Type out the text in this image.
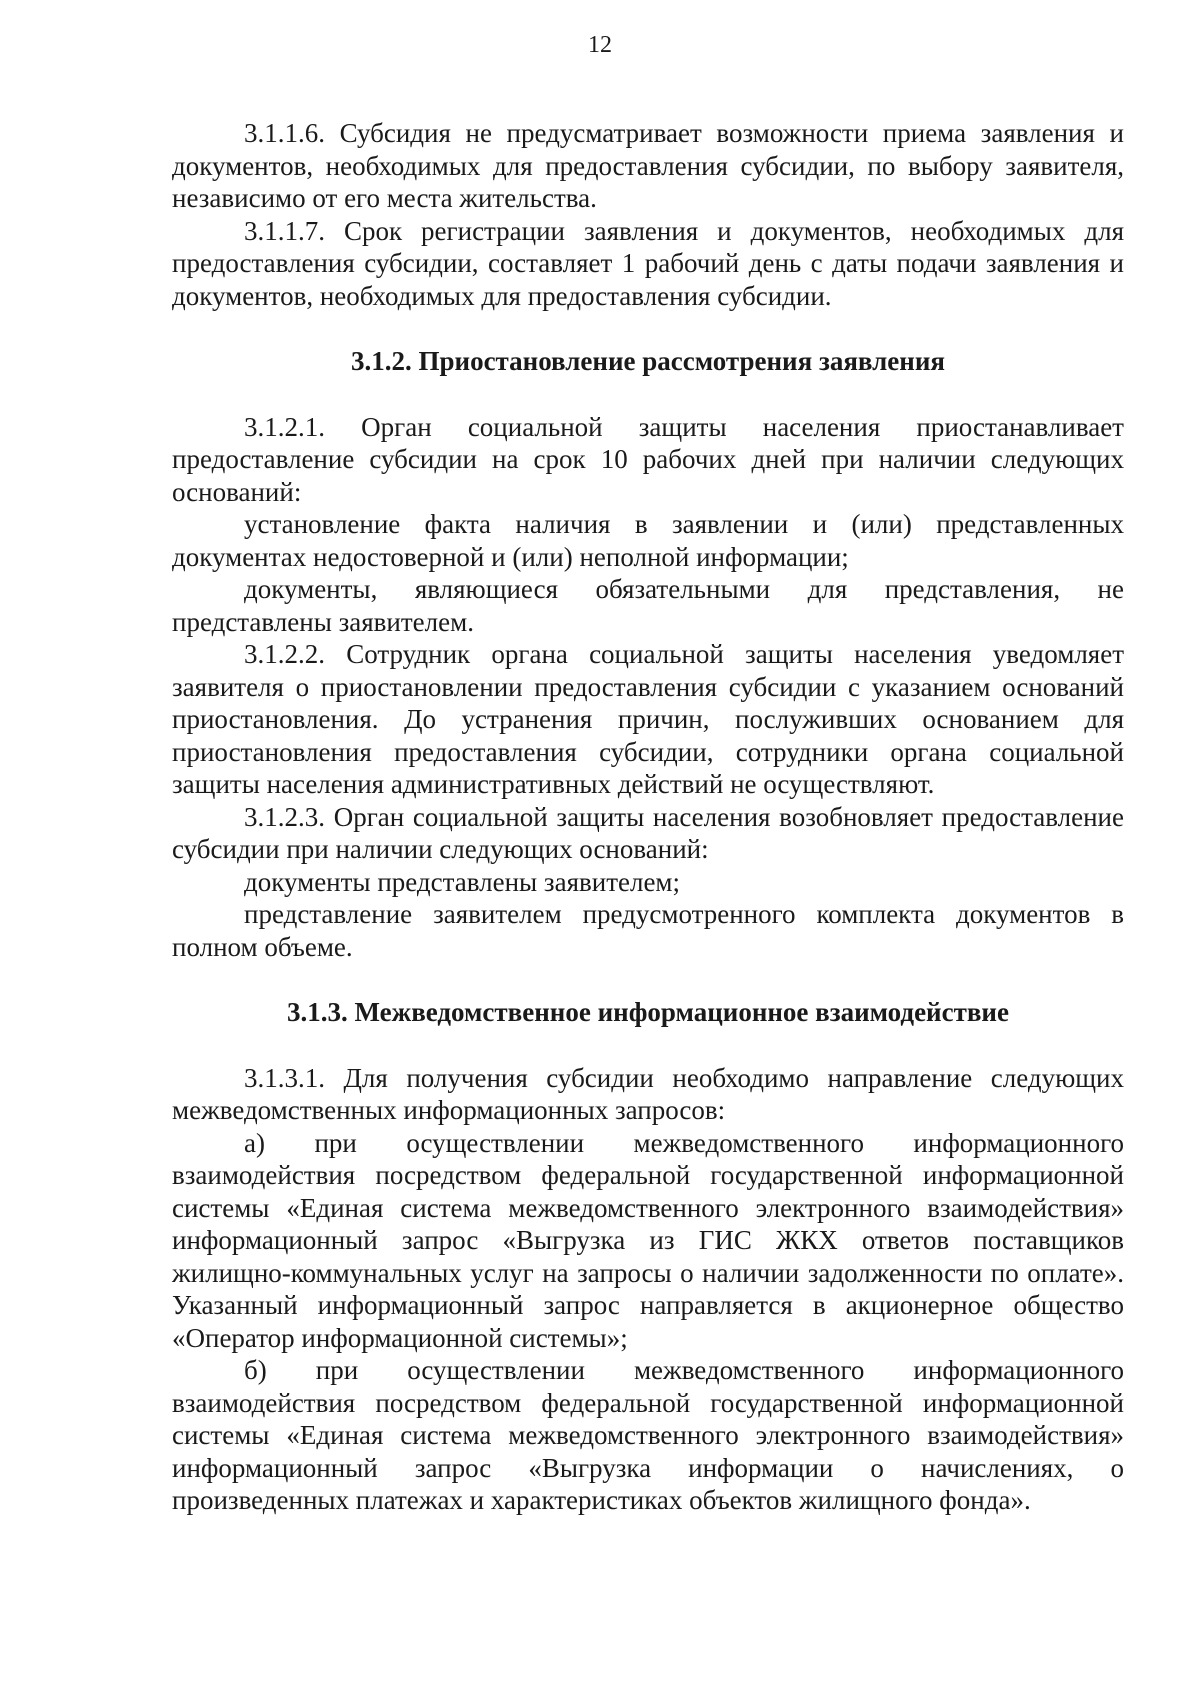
12

3.1.1.6. Субсидия не предусматривает возможности приема заявления и документов, необходимых для предоставления субсидии, по выбору заявителя, независимо от его места жительства.

3.1.1.7. Срок регистрации заявления и документов, необходимых для предоставления субсидии, составляет 1 рабочий день с даты подачи заявления и документов, необходимых для предоставления субсидии.

3.1.2. Приостановление рассмотрения заявления

3.1.2.1. Орган социальной защиты населения приостанавливает предоставление субсидии на срок 10 рабочих дней при наличии следующих оснований:

установление факта наличия в заявлении и (или) представленных документах недостоверной и (или) неполной информации;

документы, являющиеся обязательными для представления, не представлены заявителем.

3.1.2.2. Сотрудник органа социальной защиты населения уведомляет заявителя о приостановлении предоставления субсидии с указанием оснований приостановления. До устранения причин, послуживших основанием для приостановления предоставления субсидии, сотрудники органа социальной защиты населения административных действий не осуществляют.

3.1.2.3. Орган социальной защиты населения возобновляет предоставление субсидии при наличии следующих оснований:

документы представлены заявителем;

представление заявителем предусмотренного комплекта документов в полном объеме.

3.1.3. Межведомственное информационное взаимодействие

3.1.3.1. Для получения субсидии необходимо направление следующих межведомственных информационных запросов:

а) при осуществлении межведомственного информационного взаимодействия посредством федеральной государственной информационной системы «Единая система межведомственного электронного взаимодействия» информационный запрос «Выгрузка из ГИС ЖКХ ответов поставщиков жилищно-коммунальных услуг на запросы о наличии задолженности по оплате». Указанный информационный запрос направляется в акционерное общество «Оператор информационной системы»;

б) при осуществлении межведомственного информационного взаимодействия посредством федеральной государственной информационной системы «Единая система межведомственного электронного взаимодействия» информационный запрос «Выгрузка информации о начислениях, о произведенных платежах и характеристиках объектов жилищного фонда».
